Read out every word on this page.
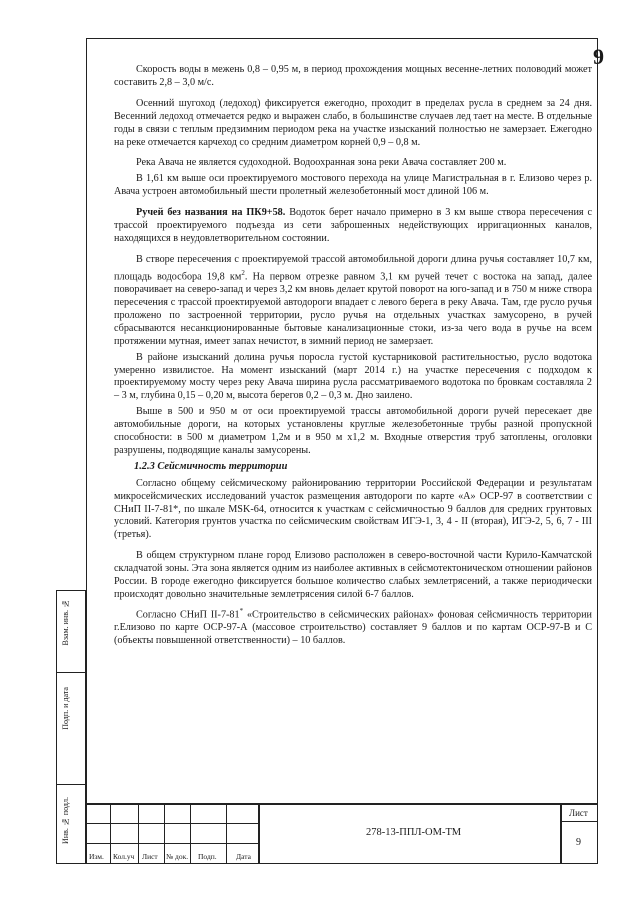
9

Скорость воды в межень 0,8 – 0,95 м, в период прохождения мощных весенне-летних половодий может составить 2,8 – 3,0 м/с.

Осенний шугоход (ледоход) фиксируется ежегодно, проходит в пределах русла в среднем за 24 дня. Весенний ледоход отмечается редко и выражен слабо, в большинстве случаев лед тает на месте. В отдельные годы в связи с теплым предзимним периодом река на участке изысканий полностью не замерзает. Ежегодно на реке отмечается карчеход со средним диаметром корней 0,9 – 0,8 м.

Река Авача не является судоходной. Водоохранная зона реки Авача составляет 200 м.

В 1,61 км выше оси проектируемого мостового перехода на улице Магистральная в г. Елизово через р. Авача устроен автомобильный шести пролетный железобетонный мост длиной 106 м.

Ручей без названия на ПК9+58. Водоток берет начало примерно в 3 км выше створа пересечения с трассой проектируемого подъезда из сети заброшенных недействующих ирригационных каналов, находящихся в неудовлетворительном состоянии.

В створе пересечения с проектируемой трассой автомобильной дороги длина ручья составляет 10,7 км, площадь водосбора 19,8 $км^2$. На первом отрезке равном 3,1 км ручей течет с востока на запад, далее поворачивает на северо-запад и через 3,2 км вновь делает крутой поворот на юго-запад и в 750 м ниже створа пересечения с трассой проектируемой автодороги впадает с левого берега в реку Авача. Там, где русло ручья проложено по застроенной территории, русло ручья на отдельных участках замусорено, в ручей сбрасываются несанкционированные бытовые канализационные стоки, из-за чего вода в ручье на всем протяжении мутная, имеет запах нечистот, в зимний период не замерзает.

В районе изысканий долина ручья поросла густой кустарниковой растительностью, русло водотока умеренно извилистое. На момент изысканий (март 2014 г.) на участке пересечения с подходом к проектируемому мосту через реку Авача ширина русла рассматриваемого водотока по бровкам составляла 2 – 3 м, глубина 0,15 – 0,20 м, высота берегов 0,2 – 0,3 м. Дно заилено.

Выше в 500 и 950 м от оси проектируемой трассы автомобильной дороги ручей пересекает две автомобильные дороги, на которых установлены круглые железобетонные трубы разной пропускной способности: в 500 м диаметром 1,2м и в 950 м x1,2 м. Входные отверстия труб затоплены, оголовки разрушены, подводящие каналы замусорены.

1.2.3 Сейсмичность территории

Согласно общему сейсмическому районированию территории Российской Федерации и результатам микросейсмических исследований участок размещения автодороги по карте «А» ОСР-97 в соответствии с СНиП II-7-81*, по шкале MSK-64, относится к участкам с сейсмичностью 9 баллов для средних грунтовых условий. Категория грунтов участка по сейсмическим свойствам ИГЭ-1, 3, 4 - II (вторая), ИГЭ-2, 5, 6, 7 - III (третья).

В общем структурном плане город Елизово расположен в северо-восточной части Курило-Камчатской складчатой зоны. Эта зона является одним из наиболее активных в сейсмотектоническом отношении районов России. В городе ежегодно фиксируется большое количество слабых землетрясений, а также периодически происходят довольно значительные землетрясения силой 6-7 баллов.

Согласно СНиП II-7-81* «Строительство в сейсмических районах» фоновая сейсмичность территории г.Елизово по карте ОСР-97-А (массовое строительство) составляет 9 баллов и по картам ОСР-97-В и С (объекты повышенной ответственности) – 10 баллов.

Взам. инв. №
Подп. и дата
Инв. № подл.
Изм. Кол.уч Лист № док. Подп.	Дата
278-13-ППЛ-ОМ-ТМ
Лист
9
